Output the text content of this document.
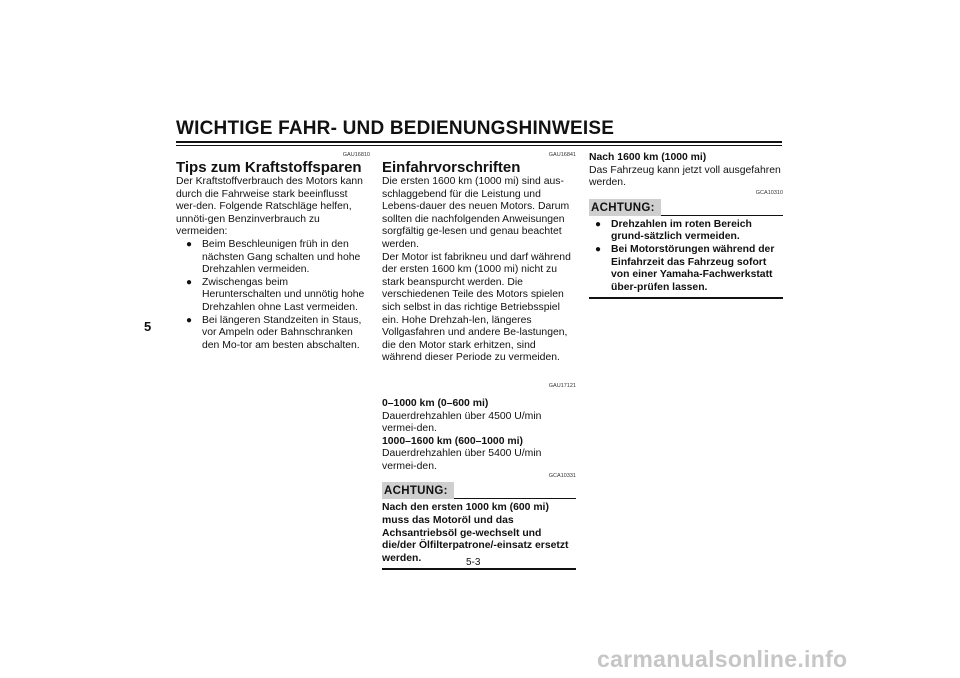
WICHTIGE FAHR- UND BEDIENUNGSHINWEISE
5
GAU16810
Tips zum Kraftstoffsparen

Der Kraftstoffverbrauch des Motors kann durch die Fahrweise stark beeinflusst wer-den. Folgende Ratschläge helfen, unnöti-gen Benzinverbrauch zu vermeiden:

● Beim Beschleunigen früh in den nächsten Gang schalten und hohe Drehzahlen vermeiden.
● Zwischengas beim Herunterschalten und unnötig hohe Drehzahlen ohne Last vermeiden.
● Bei längeren Standzeiten in Staus, vor Ampeln oder Bahnschranken den Mo-tor am besten abschalten.
GAU16841
Einfahrvorschriften

Die ersten 1600 km (1000 mi) sind aus-schlaggebend für die Leistung und Lebens-dauer des neuen Motors. Darum sollten die nachfolgenden Anweisungen sorgfältig ge-lesen und genau beachtet werden.

Der Motor ist fabrikneu und darf während der ersten 1600 km (1000 mi) nicht zu stark beanspurcht werden. Die verschiedenen Teile des Motors spielen sich selbst in das richtige Betriebsspiel ein. Hohe Drehzah-len, längeres Vollgasfahren und andere Be-lastungen, die den Motor stark erhitzen, sind während dieser Periode zu vermeiden.

GAU17121

0–1000 km (0–600 mi)

Dauerdrehzahlen über 4500 U/min vermei-den.

1000–1600 km (600–1000 mi)

Dauerdrehzahlen über 5400 U/min vermei-den.

GCA10331
ACHTUNG:

Nach den ersten 1000 km (600 mi) muss das Motoröl und das Achsantriebsöl ge-wechselt und die/der Ölfilterpatrone/-einsatz ersetzt werden.

Nach 1600 km (1000 mi)

Das Fahrzeug kann jetzt voll ausgefahren werden.

GCA10310
ACHTUNG:
● Drehzahlen im roten Bereich grund-sätzlich vermeiden.
● Bei Motorstörungen während der Einfahrzeit das Fahrzeug sofort von einer Yamaha-Fachwerkstatt über-prüfen lassen.
5-3
carmanualsonline.info
